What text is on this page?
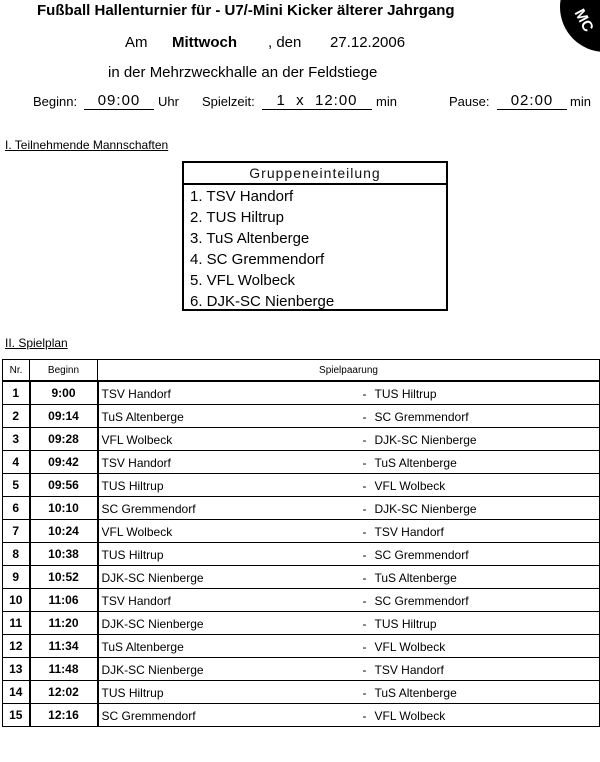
Fußball Hallenturnier für - U7/-Mini Kicker älterer Jahrgang	MC
Am Mittwoch , den 27.12.2006
in der Mehrzweckhalle an der Feldstiege
Beginn:	09:00	Uhr Spielzeit:	1  x  12:00	min	Pause:	02:00	min
I. Teilnehmende Mannschaften
Gruppeneinteilung
1. TSV Handorf
2. TUS Hiltrup
3. TuS Altenberge
4. SC Gremmendorf
5. VFL Wolbeck
6. DJK-SC Nienberge
II. Spielplan
Nr.	Beginn	Spielpaarung
1	9:00	TSV Handorf - TUS Hiltrup

2	09:14	TuS Altenberge - SC Gremmendorf

3	09:28	VFL Wolbeck - DJK-SC Nienberge

4	09:42	TSV Handorf - TuS Altenberge

5	09:56	TUS Hiltrup - VFL Wolbeck

6	10:10	SC Gremmendorf - DJK-SC Nienberge

7	10:24	VFL Wolbeck - TSV Handorf

8	10:38	TUS Hiltrup - SC Gremmendorf

9	10:52	DJK-SC Nienberge - TuS Altenberge

10	11:06	TSV Handorf - SC Gremmendorf

11	11:20	DJK-SC Nienberge - TUS Hiltrup

12	11:34	TuS Altenberge - VFL Wolbeck

13	11:48	DJK-SC Nienberge - TSV Handorf

14	12:02	TUS Hiltrup - TuS Altenberge

15	12:16	SC Gremmendorf - VFL Wolbeck
